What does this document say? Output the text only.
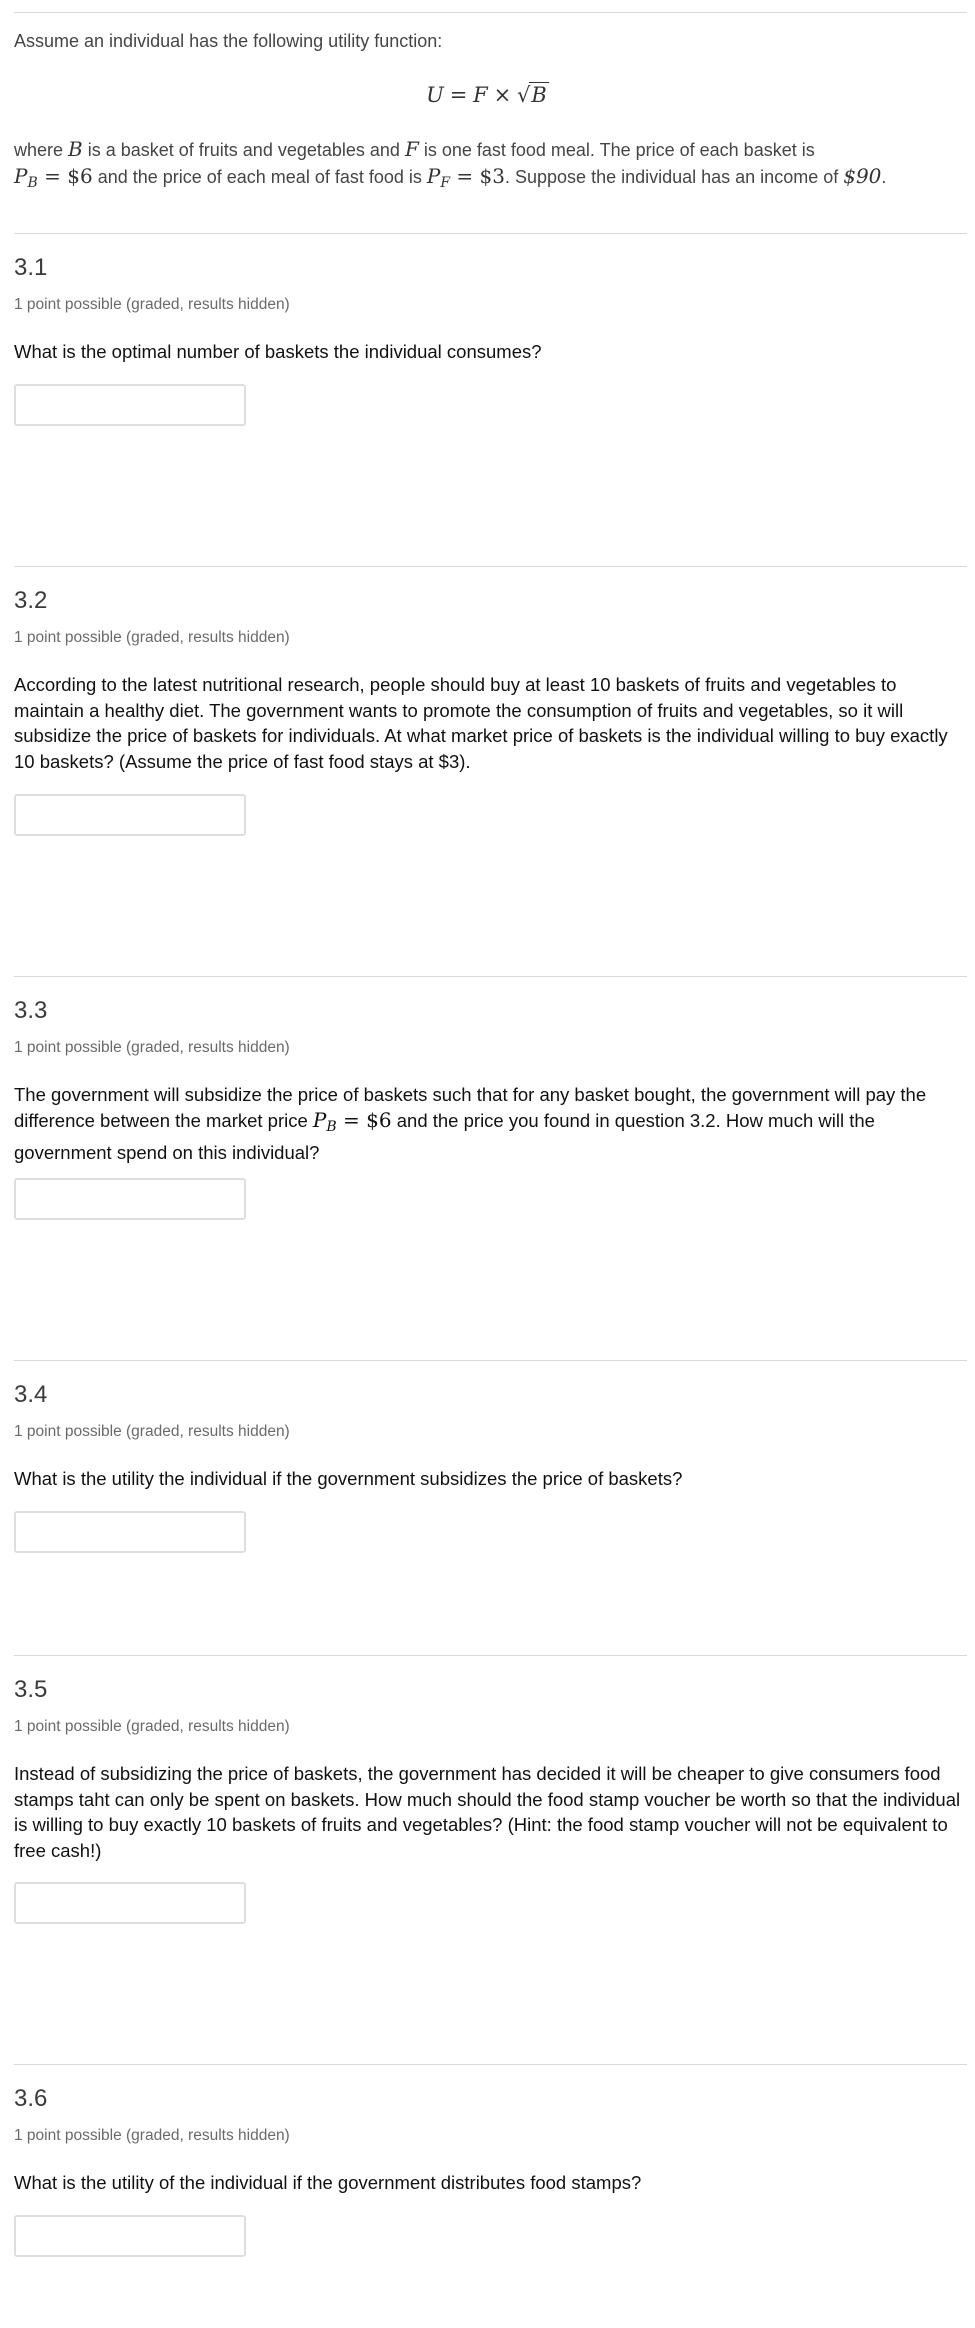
Assume an individual has the following utility function:
U = F × √B
where B is a basket of fruits and vegetables and F is one fast food meal. The price of each basket is
$P_B$ = $6 and the price of each meal of fast food is $P_F$ = $3. Suppose the individual has an income of $90.
3.1
1 point possible (graded, results hidden)
What is the optimal number of baskets the individual consumes?
3.2
1 point possible (graded, results hidden)
According to the latest nutritional research, people should buy at least 10 baskets of fruits and vegetables to maintain a healthy diet. The government wants to promote the consumption of fruits and vegetables, so it will subsidize the price of baskets for individuals. At what market price of baskets is the individual willing to buy exactly 10 baskets? (Assume the price of fast food stays at $3).
3.3
1 point possible (graded, results hidden)
The government will subsidize the price of baskets such that for any basket bought, the government will pay the difference between the market price $P_B$ = $6 and the price you found in question 3.2. How much will the government spend on this individual?
3.4
1 point possible (graded, results hidden)
What is the utility the individual if the government subsidizes the price of baskets?
3.5
1 point possible (graded, results hidden)
Instead of subsidizing the price of baskets, the government has decided it will be cheaper to give consumers food stamps taht can only be spent on baskets. How much should the food stamp voucher be worth so that the individual is willing to buy exactly 10 baskets of fruits and vegetables? (Hint: the food stamp voucher will not be equivalent to free cash!)
3.6
1 point possible (graded, results hidden)
What is the utility of the individual if the government distributes food stamps?
